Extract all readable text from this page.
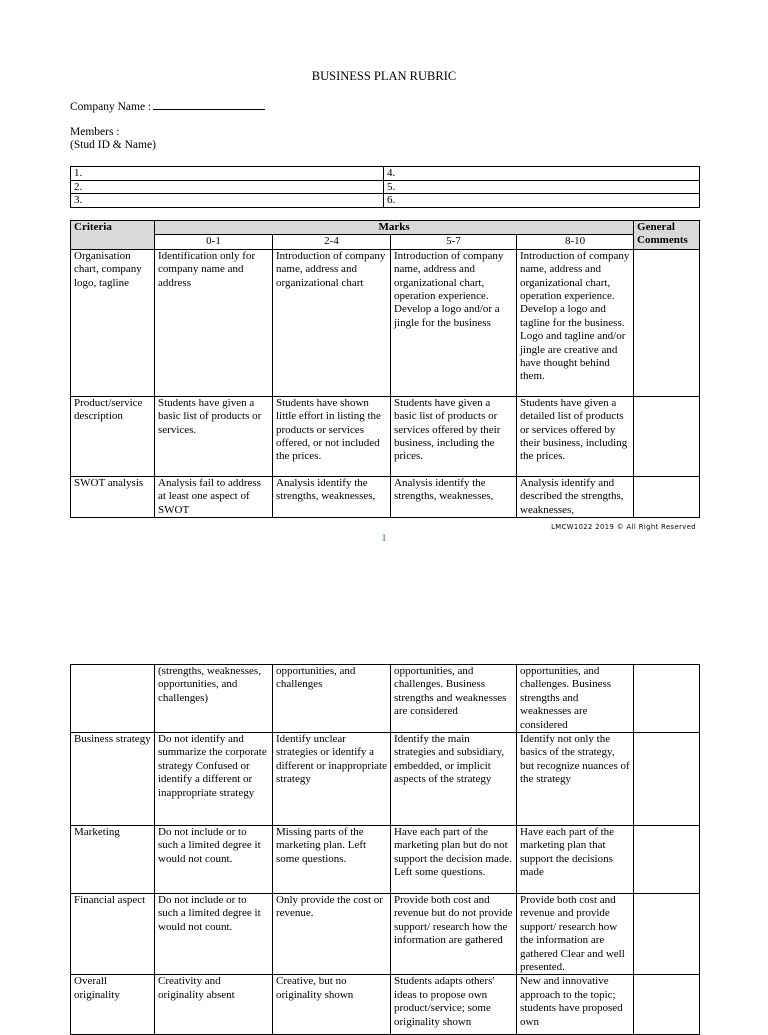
BUSINESS PLAN RUBRIC
Company Name :
Members :
(Stud ID & Name)
1.	4.
2.	5.
3.	6.
Criteria	Marks				General Comments
	0-1	2-4	5-7	8-10	
Organisation chart, company logo, tagline	Identification only for company name and address	Introduction of company name, address and organizational chart	Introduction of company name, address and organizational chart, operation experience. Develop a logo and/or a jingle for the business	Introduction of company name, address and organizational chart, operation experience. Develop a logo and tagline for the business. Logo and tagline and/or jingle are creative and have thought behind them.	
Product/service description	Students have given a basic list of products or services.	Students have shown little effort in listing the products or services offered, or not included the prices.	Students have given a basic list of products or services offered by their business, including the prices.	Students have given a detailed list of products or services offered by their business, including the prices.	
SWOT analysis	Analysis fail to address at least one aspect of SWOT	Analysis identify the strengths, weaknesses,	Analysis identify the strengths, weaknesses,	Analysis identify and described the strengths, weaknesses,	
LMCW1022 2019 © All Right Reserved
1
	(strengths, weaknesses, opportunities, and challenges)	opportunities, and challenges	opportunities, and challenges. Business strengths and weaknesses are considered	opportunities, and challenges. Business strengths and weaknesses are considered	
Business strategy	Do not identify and summarize the corporate strategy Confused or identify a different or inappropriate strategy	Identify unclear strategies or identify a different or inappropriate strategy	Identify the main strategies and subsidiary, embedded, or implicit aspects of the strategy	Identify not only the basics of the strategy, but recognize nuances of the strategy	
Marketing	Do not include or to such a limited degree it would not count.	Missing parts of the marketing plan. Left some questions.	Have each part of the marketing plan but do not support the decision made. Left some questions.	Have each part of the marketing plan that support the decisions made	
Financial aspect	Do not include or to such a limited degree it would not count.	Only provide the cost or revenue.	Provide both cost and revenue but do not provide support/ research how the information are gathered	Provide both cost and revenue and provide support/ research how the information are gathered Clear and well presented.	
Overall originality	Creativity and originality absent	Creative, but no originality shown	Students adapts others' ideas to propose own product/service; some originality shown	New and innovative approach to the topic; students have proposed own	
